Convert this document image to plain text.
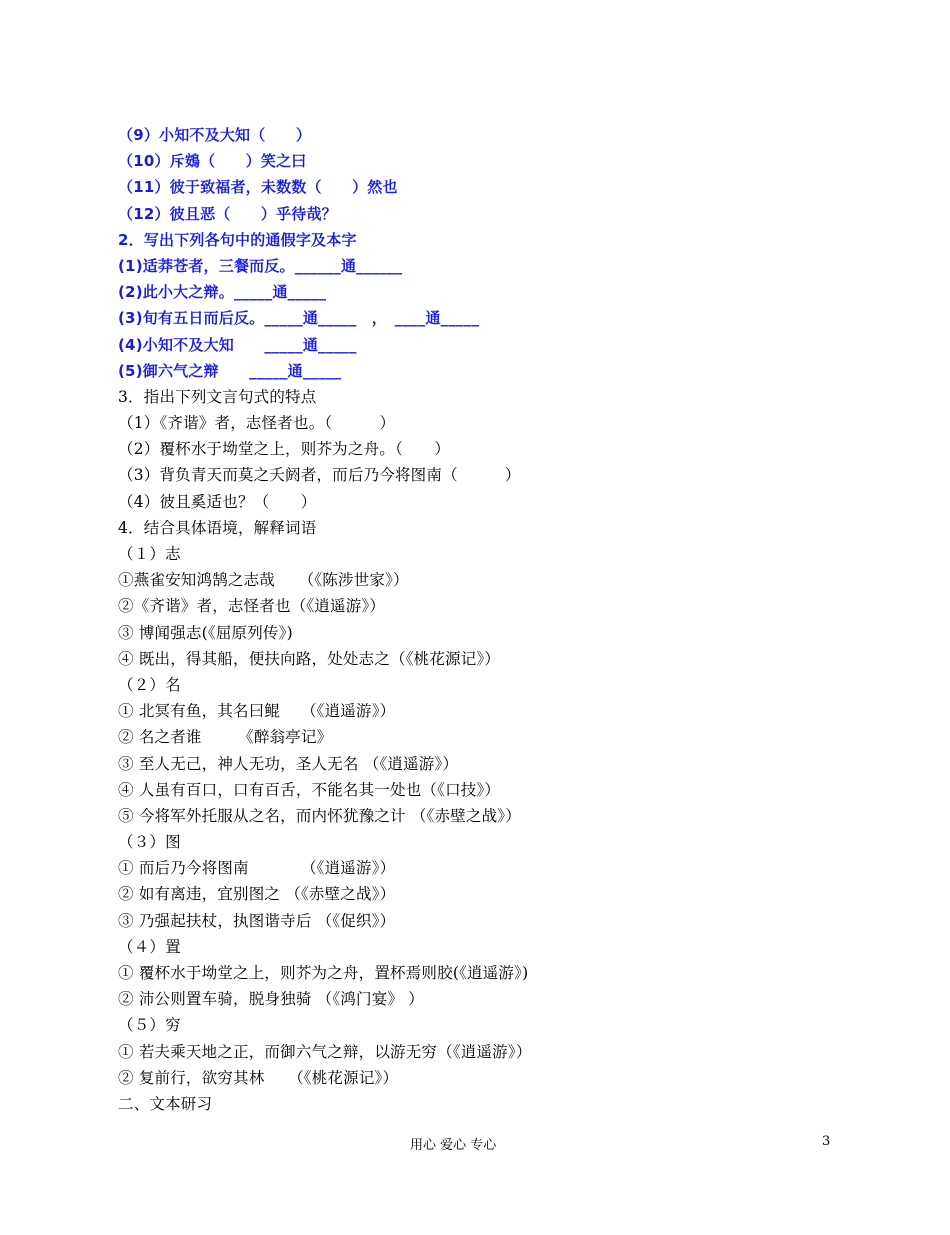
（9）小知不及大知（　　）
（10）斥鴳（　　）笑之曰
（11）彼于致福者，未数数（　　）然也
（12）彼且恶（　　）乎待哉？
2．写出下列各句中的通假字及本字
(1)适莽苍者，三餐而反。______通______
(2)此小大之辩。_____通_____
(3)旬有五日而后反。_____通_____　，　____通_____
(4)小知不及大知　　_____通_____
(5)御六气之辩　　_____通_____
3．指出下列文言句式的特点
（1）《齐谐》者，志怪者也。（　　　）
（2）覆杯水于坳堂之上，则芥为之舟。（　　）
（3）背负青天而莫之夭阏者，而后乃今将图南（　　　）
（4）彼且奚适也？（　　）
4．结合具体语境，解释词语
（１）志
①燕雀安知鸿鹄之志哉　　（《陈涉世家》）
②《齐谐》者，志怪者也（《逍遥游》）
③ 博闻强志(《屈原列传》)
④ 既出，得其船，便扶向路，处处志之（《桃花源记》）
（２）名
① 北冥有鱼，其名曰鲲　 （《逍遥游》）
② 名之者谁　　 《醉翁亭记》
③ 至人无己，神人无功，圣人无名 （《逍遥游》）
④ 人虽有百口，口有百舌，不能名其一处也（《口技》）
⑤ 今将军外托服从之名，而内怀犹豫之计 （《赤壁之战》）
（３）图
① 而后乃今将图南　　　 （《逍遥游》）
② 如有离违，宜别图之 （《赤壁之战》）
③ 乃强起扶杖，执图谐寺后 （《促织》）
（４）置
① 覆杯水于坳堂之上，则芥为之舟，置杯焉则胶(《逍遥游》)
② 沛公则置车骑，脱身独骑 （《鸿门宴》 ）
（５）穷
① 若夫乘天地之正，而御六气之辩，以游无穷（《逍遥游》）
② 复前行，欲穷其林　　（《桃花源记》）
二、文本研习
用心 爱心 专心	3
